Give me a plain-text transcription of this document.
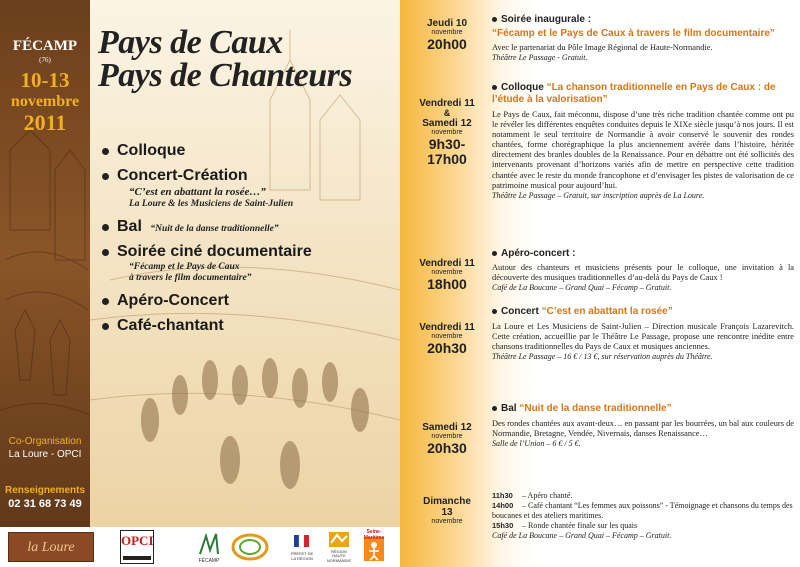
FÉCAMP
(76)
10-13
novembre
2011
Co-Organisation
La Loure - OPCI
Renseignements
02 31 68 73 49
Pays de Caux
Pays de Chanteurs
Colloque
Concert-Création
“C’est en abattant la rosée…”
La Loure & les Musiciens de Saint-Julien
Bal “Nuit de la danse traditionnelle”
Soirée ciné documentaire
“Fécamp et le Pays de Caux
à travers le film documentaire”
Apéro-Concert
Café-chantant
la Loure	OPCI
FÉCAMP
PRÉFET DE LA RÉGION
RÉGION HAUTE NORMANDIE
Seine-Maritime
Jeudi 10
novembre
20h00
Soirée inaugurale :
“Fécamp et le Pays de Caux à travers le film documentaire”
Avec le partenariat du Pôle Image Régional de Haute-Normandie.
Théâtre Le Passage - Gratuit.
Vendredi 11
&
Samedi 12
novembre
9h30-
17h00
Colloque “La chanson traditionnelle en Pays de Caux : de l’étude à la valorisation”
Le Pays de Caux, fait méconnu, dispose d’une très riche tradition chantée comme ont pu le révéler les différentes enquêtes conduites depuis le XIXe siècle jusqu’à nos jours. Il est notamment le seul territoire de Normandie à avoir conservé le souvenir des rondes chantées, forme chorégraphique la plus anciennement avérée dans l’histoire, héritée directement des branles doubles de la Renaissance. Pour en débattre ont été sollicités des intervenants provenant d’horizons variés afin de mettre en perspective cette tradition chantée avec le reste du monde francophone et d’envisager les pistes de valorisation de ce patrimoine musical pour aujourd’hui.
Théâtre Le Passage – Gratuit, sur inscription auprès de La Loure.
Vendredi 11
novembre
18h00
Apéro-concert :
Autour des chanteurs et musiciens présents pour le colloque, une invitation à la découverte des musiques traditionnelles d’au-delà du Pays de Caux !
Café de La Boucane – Grand Quai – Fécamp – Gratuit.
Vendredi 11
novembre
20h30
Concert “C’est en abattant la rosée”
La Loure et Les Musiciens de Saint-Julien – Direction musicale François Lazarevitch. Cette création, accueillie par le Théâtre Le Passage, propose une rencontre inédite entre chansons traditionnelles du Pays de Caux et musiques anciennes.
Théâtre Le Passage – 16 € / 13 €, sur réservation auprès du Théâtre.
Samedi 12
novembre
20h30
Bal “Nuit de la danse traditionnelle”
Des rondes chantées aux avant-deux… en passant par les bourrées, un bal aux couleurs de Normandie, Bretagne, Vendée, Nivernais, danses Renaissance…
Salle de l’Union – 6 € / 5 €.
Dimanche
13
novembre
11h30 – Apéro chanté.
14h00 – Café chantant “Les femmes aux poissons” - Témoignage et chansons du temps des boucanes et des ateliers maritimes.
15h30 – Ronde chantée finale sur les quais
Café de La Boucane – Grand Quai – Fécamp – Gratuit.
